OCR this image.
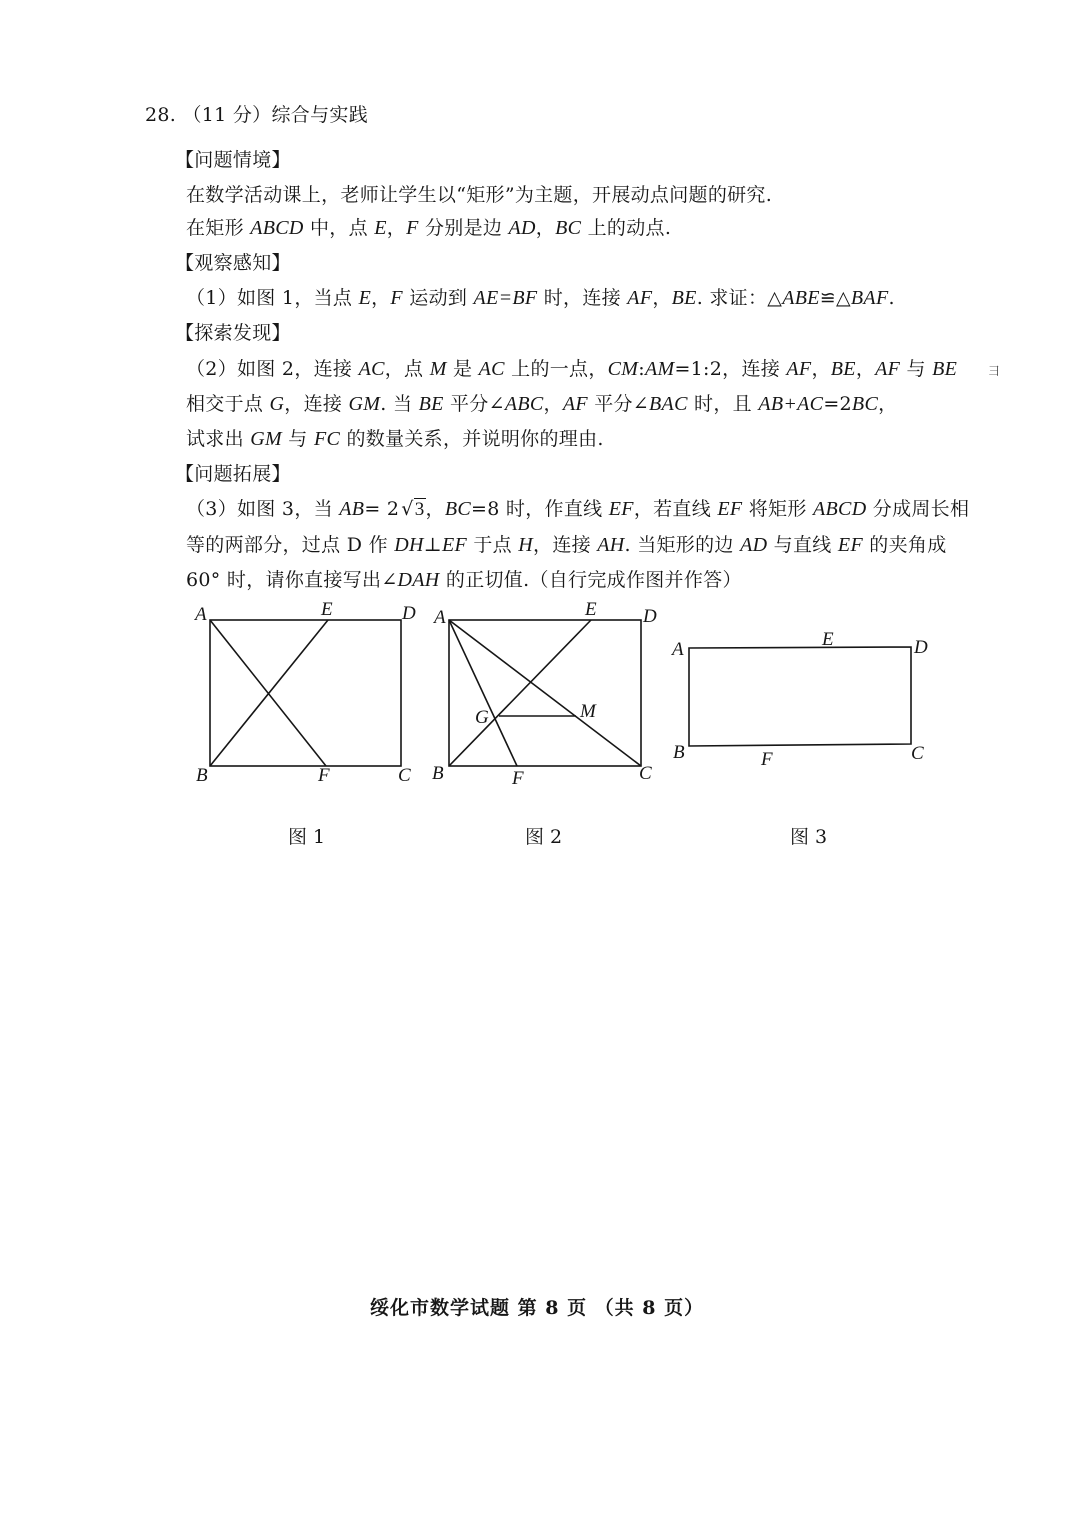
28. （11 分）综合与实践
【问题情境】
在数学活动课上，老师让学生以“矩形”为主题，开展动点问题的研究.
在矩形 ABCD 中，点 E，F 分别是边 AD，BC 上的动点.
【观察感知】
（1）如图 1，当点 E，F 运动到 AE=BF 时，连接 AF，BE. 求证：△ABE≌△BAF.
【探索发现】
（2）如图 2，连接 AC，点 M 是 AC 上的一点，CM:AM=1:2，连接 AF，BE，AF 与 BE
相交于点 G，连接 GM. 当 BE 平分∠ABC，AF 平分∠BAC 时，且 AB+AC=2BC，
试求出 GM 与 FC 的数量关系，并说明你的理由.
【问题拓展】
（3）如图 3，当 AB= 2 √3，BC=8 时，作直线 EF，若直线 EF 将矩形 ABCD 分成周长相
等的两部分，过点 D 作 DH⊥EF 于点 H，连接 AH. 当矩形的边 AD 与直线 EF 的夹角成
60° 时，请你直接写出∠DAH 的正切值.（自行完成作图并作答）
A	E	D
B	F	C
A	E D
G	M
B	F	C
A	E	D
B	F	C
图 1	图 2	图 3
彐
绥化市数学试题 第 8 页 （共 8 页）
